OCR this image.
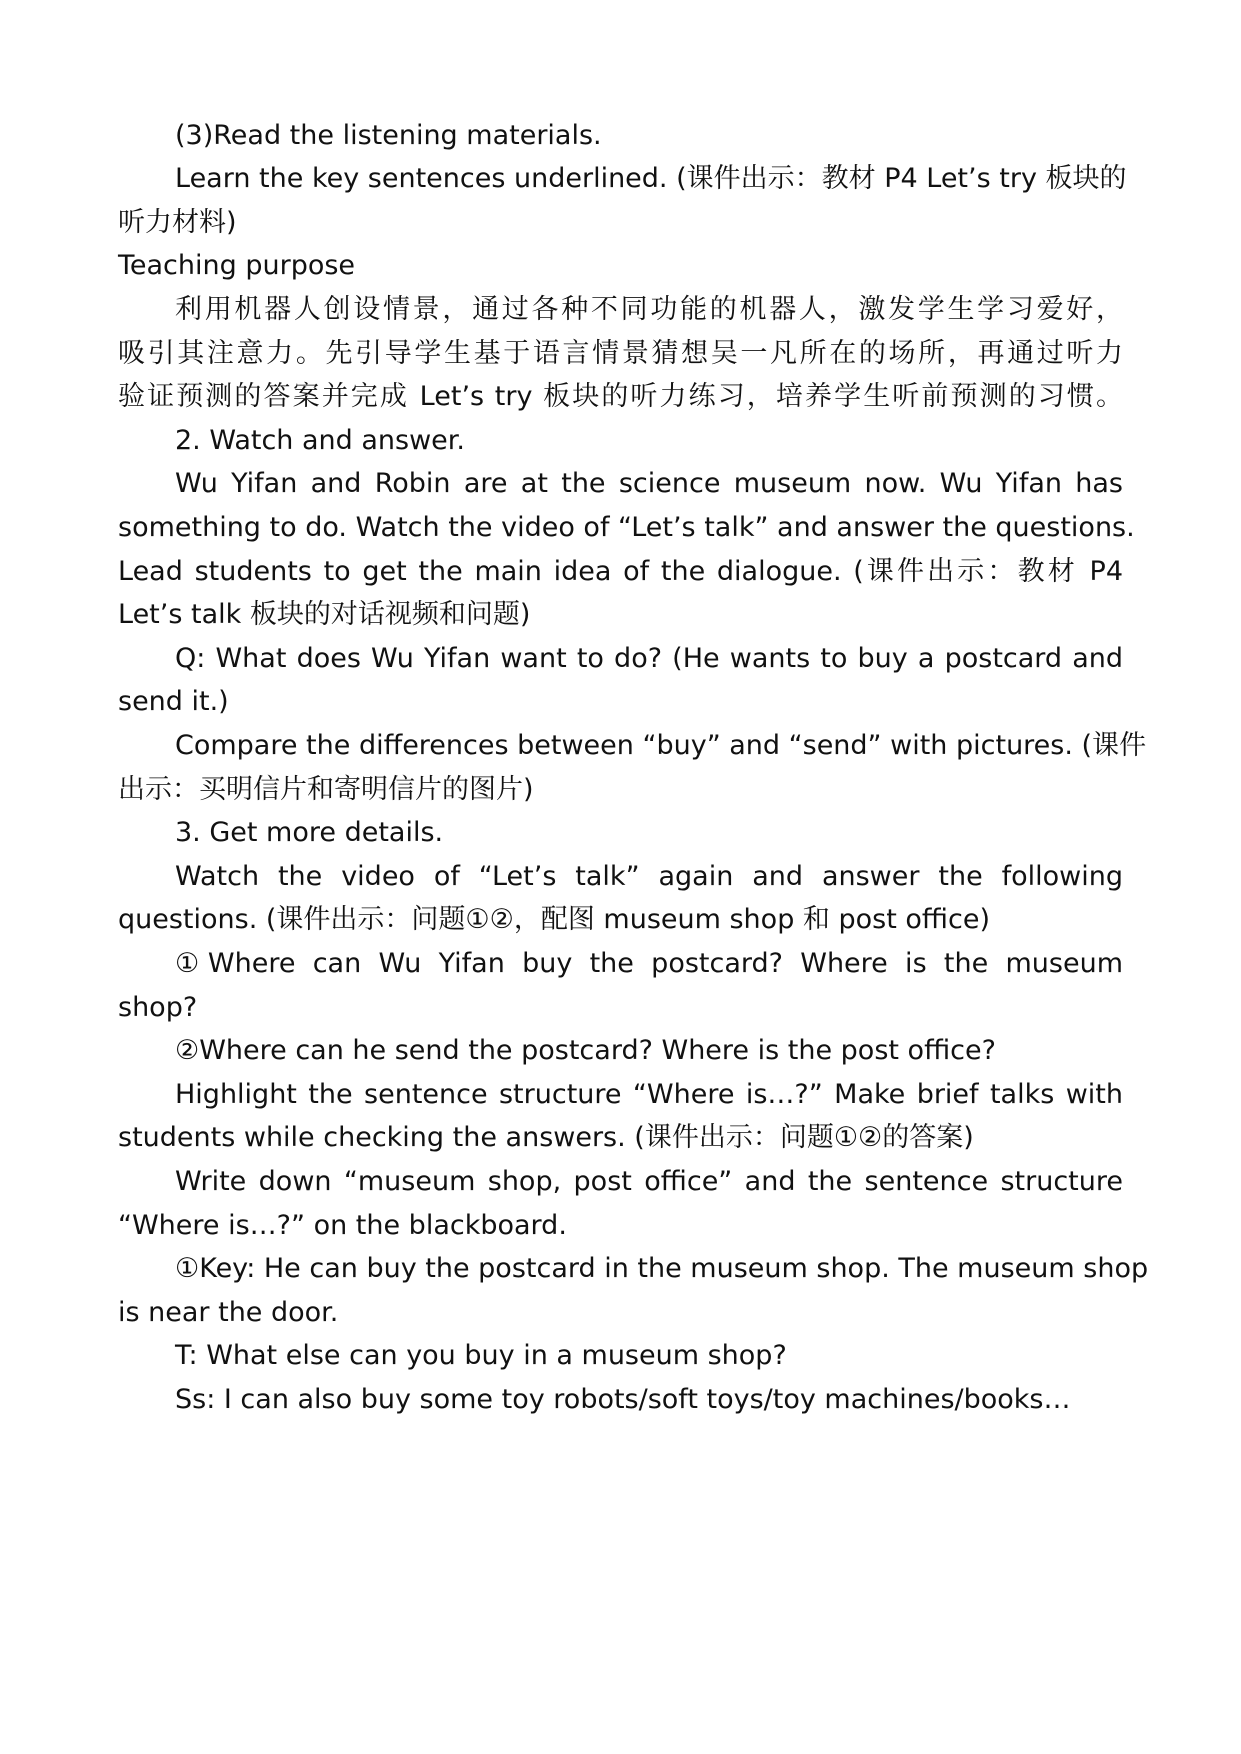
(3)Read the listening materials.
Learn the key sentences underlined. (课件出示：教材 P4 Let’s try 板块的
听力材料)
Teaching purpose
利用机器人创设情景，通过各种不同功能的机器人，激发学生学习爱好，
吸引其注意力。先引导学生基于语言情景猜想吴一凡所在的场所，再通过听力
验证预测的答案并完成 Let’s try 板块的听力练习，培养学生听前预测的习惯。
2. Watch and answer.
Wu Yifan and Robin are at the science museum now. Wu Yifan has
something to do. Watch the video of “Let’s talk” and answer the questions.
Lead students to get the main idea of the dialogue. (课件出示：教材 P4
Let’s talk 板块的对话视频和问题)
Q: What does Wu Yifan want to do? (He wants to buy a postcard and
send it.)
Compare the differences between “buy” and “send” with pictures. (课件
出示：买明信片和寄明信片的图片)
3. Get more details.
Watch the video of “Let’s talk” again and answer the following
questions. (课件出示：问题①②，配图 museum shop 和 post office)
①Where can Wu Yifan buy the postcard? Where is the museum
shop?
②Where can he send the postcard? Where is the post office?
Highlight the sentence structure “Where is…?” Make brief talks with
students while checking the answers. (课件出示：问题①②的答案)
Write down “museum shop, post office” and the sentence structure
“Where is…?” on the blackboard.
①Key: He can buy the postcard in the museum shop. The museum shop
is near the door.
T: What else can you buy in a museum shop?
Ss: I can also buy some toy robots/soft toys/toy machines/books…
